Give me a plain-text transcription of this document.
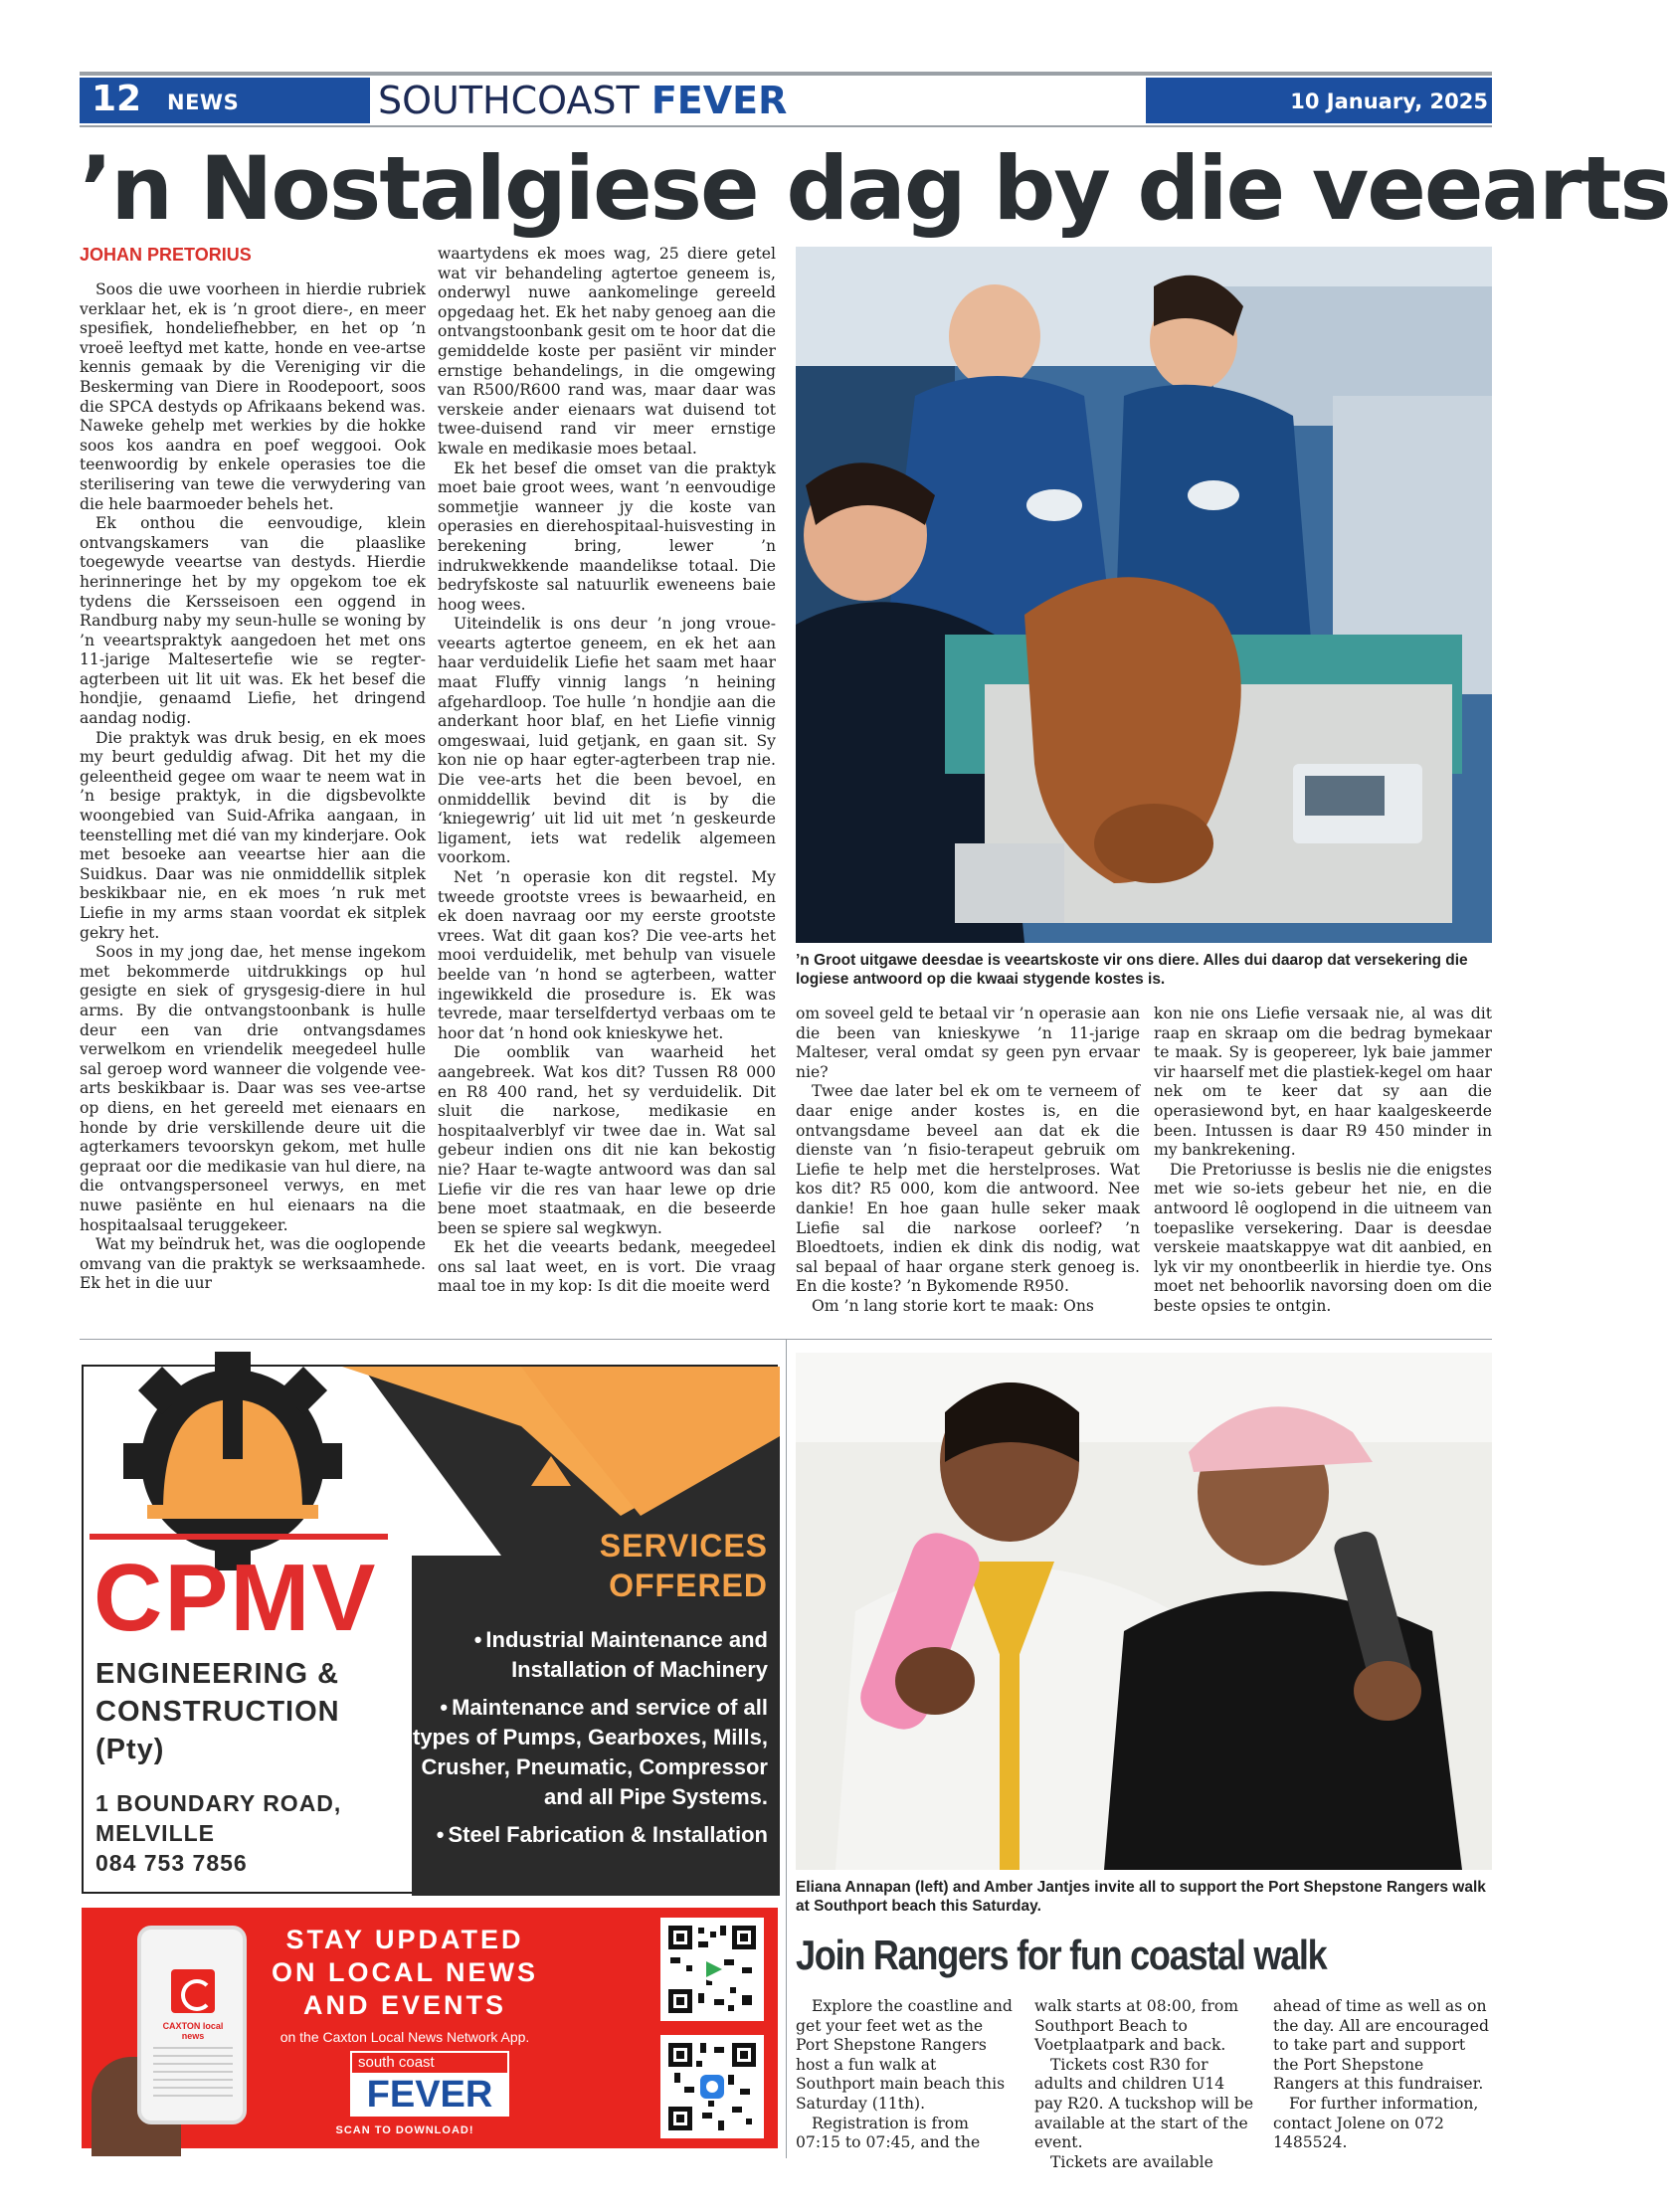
12 NEWS	SOUTHCOAST FEVER	10 January, 2025
’n Nostalgiese dag by die veearts
JOHAN PRETORIUS

Soos die uwe voorheen in hierdie rubriek verklaar het, ek is ’n groot diere-, en meer spesifiek, hondeliefhebber, en het op ’n vroeë leeftyd met katte, honde en vee-artse kennis gemaak by die Vereniging vir die Beskerming van Diere in Roodepoort, soos die SPCA destyds op Afrikaans bekend was. Naweke gehelp met werkies by die hokke soos kos aandra en poef weggooi. Ook teenwoordig by enkele operasies toe die sterilisering van tewe die verwydering van die hele baarmoeder behels het.

Ek onthou die eenvoudige, klein ontvangskamers van die plaaslike toegewyde veeartse van destyds. Hierdie herinneringe het by my opgekom toe ek tydens die Kersseisoen een oggend in Randburg naby my seun-hulle se woning by ’n veeartspraktyk aangedoen het met ons 11-jarige Maltesertefie wie se regter-agterbeen uit lit uit was. Ek het besef die hondjie, genaamd Liefie, het dringend aandag nodig.

Die praktyk was druk besig, en ek moes my beurt geduldig afwag. Dit het my die geleentheid gegee om waar te neem wat in ’n besige praktyk, in die digsbevolkte woongebied van Suid-Afrika aangaan, in teenstelling met dié van my kinderjare. Ook met besoeke aan veeartse hier aan die Suidkus. Daar was nie onmiddellik sitplek beskikbaar nie, en ek moes ’n ruk met Liefie in my arms staan voordat ek sitplek gekry het.

Soos in my jong dae, het mense ingekom met bekommerde uitdrukkings op hul gesigte en siek of grysgesig-diere in hul arms. By die ontvangstoonbank is hulle deur een van drie ontvangsdames verwelkom en vriendelik meegedeel hulle sal geroep word wanneer die volgende vee-arts beskikbaar is. Daar was ses vee-artse op diens, en het gereeld met eienaars en honde by drie verskillende deure uit die agterkamers tevoorskyn gekom, met hulle gepraat oor die medikasie van hul diere, na die ontvangspersoneel verwys, en met nuwe pasiënte en hul eienaars na die hospitaalsaal teruggekeer.

Wat my beïndruk het, was die ooglopende omvang van die praktyk se werksaamhede. Ek het in die uur

waartydens ek moes wag, 25 diere getel wat vir behandeling agtertoe geneem is, onderwyl nuwe aankomelinge gereeld opgedaag het. Ek het naby genoeg aan die ontvangstoonbank gesit om te hoor dat die gemiddelde koste per pasiënt vir minder ernstige behandelings, in die omgewing van R500/R600 rand was, maar daar was verskeie ander eienaars wat duisend tot twee-duisend rand vir meer ernstige kwale en medikasie moes betaal.

Ek het besef die omset van die praktyk moet baie groot wees, want ’n eenvoudige sommetjie wanneer jy die koste van operasies en dierehospitaal-huisvesting in berekening bring, lewer ’n indrukwekkende maandelikse totaal. Die bedryfskoste sal natuurlik eweneens baie hoog wees.

Uiteindelik is ons deur ’n jong vroue-veearts agtertoe geneem, en ek het aan haar verduidelik Liefie het saam met haar maat Fluffy vinnig langs ’n heining afgehardloop. Toe hulle ’n hondjie aan die anderkant hoor blaf, en het Liefie vinnig omgeswaai, luid getjank, en gaan sit. Sy kon nie op haar egter-agterbeen trap nie. Die vee-arts het die been bevoel, en onmiddellik bevind dit is by die ‘kniegewrig’ uit lid uit met ’n geskeurde ligament, iets wat redelik algemeen voorkom.

Net ’n operasie kon dit regstel. My tweede grootste vrees is bewaarheid, en ek doen navraag oor my eerste grootste vrees. Wat dit gaan kos? Die vee-arts het mooi verduidelik, met behulp van visuele beelde van ’n hond se agterbeen, watter ingewikkeld die prosedure is. Ek was tevrede, maar terselfdertyd verbaas om te hoor dat ’n hond ook knieskywe het.

Die oomblik van waarheid het aangebreek. Wat kos dit? Tussen R8 000 en R8 400 rand, het sy verduidelik. Dit sluit die narkose, medikasie en hospitaalverblyf vir twee dae in. Wat sal gebeur indien ons dit nie kan bekostig nie? Haar te-wagte antwoord was dan sal Liefie vir die res van haar lewe op drie bene moet staatmaak, en die beseerde been se spiere sal wegkwyn.

Ek het die veearts bedank, meegedeel ons sal laat weet, en is vort. Die vraag maal toe in my kop: Is dit die moeite werd

’n Groot uitgawe deesdae is veeartskoste vir ons diere. Alles dui daarop dat versekering die logiese antwoord op die kwaai stygende kostes is.

om soveel geld te betaal vir ’n operasie aan die been van knieskywe ’n 11-jarige Malteser, veral omdat sy geen pyn ervaar nie?

Twee dae later bel ek om te verneem of daar enige ander kostes is, en die ontvangsdame beveel aan dat ek die dienste van ’n fisio-terapeut gebruik om Liefie te help met die herstelproses. Wat kos dit? R5 000, kom die antwoord. Nee dankie! En hoe gaan hulle seker maak Liefie sal die narkose oorleef? ’n Bloedtoets, indien ek dink dis nodig, wat sal bepaal of haar organe sterk genoeg is. En die koste? ’n Bykomende R950.

Om ’n lang storie kort te maak: Ons

kon nie ons Liefie versaak nie, al was dit raap en skraap om die bedrag bymekaar te maak. Sy is geopereer, lyk baie jammer vir haarself met die plastiek-kegel om haar nek om te keer dat sy aan die operasiewond byt, en haar kaalgeskeerde been. Intussen is daar R9 450 minder in my bankrekening.

Die Pretoriusse is beslis nie die enigstes met wie so-iets gebeur het nie, en die antwoord lê ooglopend in die uitneem van toepaslike versekering. Daar is deesdae verskeie maatskappye wat dit aanbied, en lyk vir my onontbeerlik in hierdie tye. Ons moet net behoorlik navorsing doen om die beste opsies te ontgin.

CPMV
ENGINEERING &
CONSTRUCTION
(Pty)
1 BOUNDARY ROAD,
MELVILLE
084 753 7856
SERVICES
OFFERED
• Industrial Maintenance and Installation of Machinery
• Maintenance and service of all types of Pumps, Gearboxes, Mills, Crusher, Pneumatic, Compressor and all Pipe Systems.
• Steel Fabrication & Installation
CAXTON local news
STAY UPDATED
ON LOCAL NEWS
AND EVENTS
on the Caxton Local News Network App.
south coast
FEVER
SCAN TO DOWNLOAD!
Eliana Annapan (left) and Amber Jantjes invite all to support the Port Shepstone Rangers walk at Southport beach this Saturday.
Join Rangers for fun coastal walk

Explore the coastline and get your feet wet as the Port Shepstone Rangers host a fun walk at Southport main beach this Saturday (11th).

Registration is from 07:15 to 07:45, and the

walk starts at 08:00, from Southport Beach to Voetplaatpark and back.

Tickets cost R30 for adults and children U14 pay R20. A tuckshop will be available at the start of the event.

Tickets are available

ahead of time as well as on the day. All are encouraged to take part and support the Port Shepstone Rangers at this fundraiser.

For further information, contact Jolene on 072 1485524.
